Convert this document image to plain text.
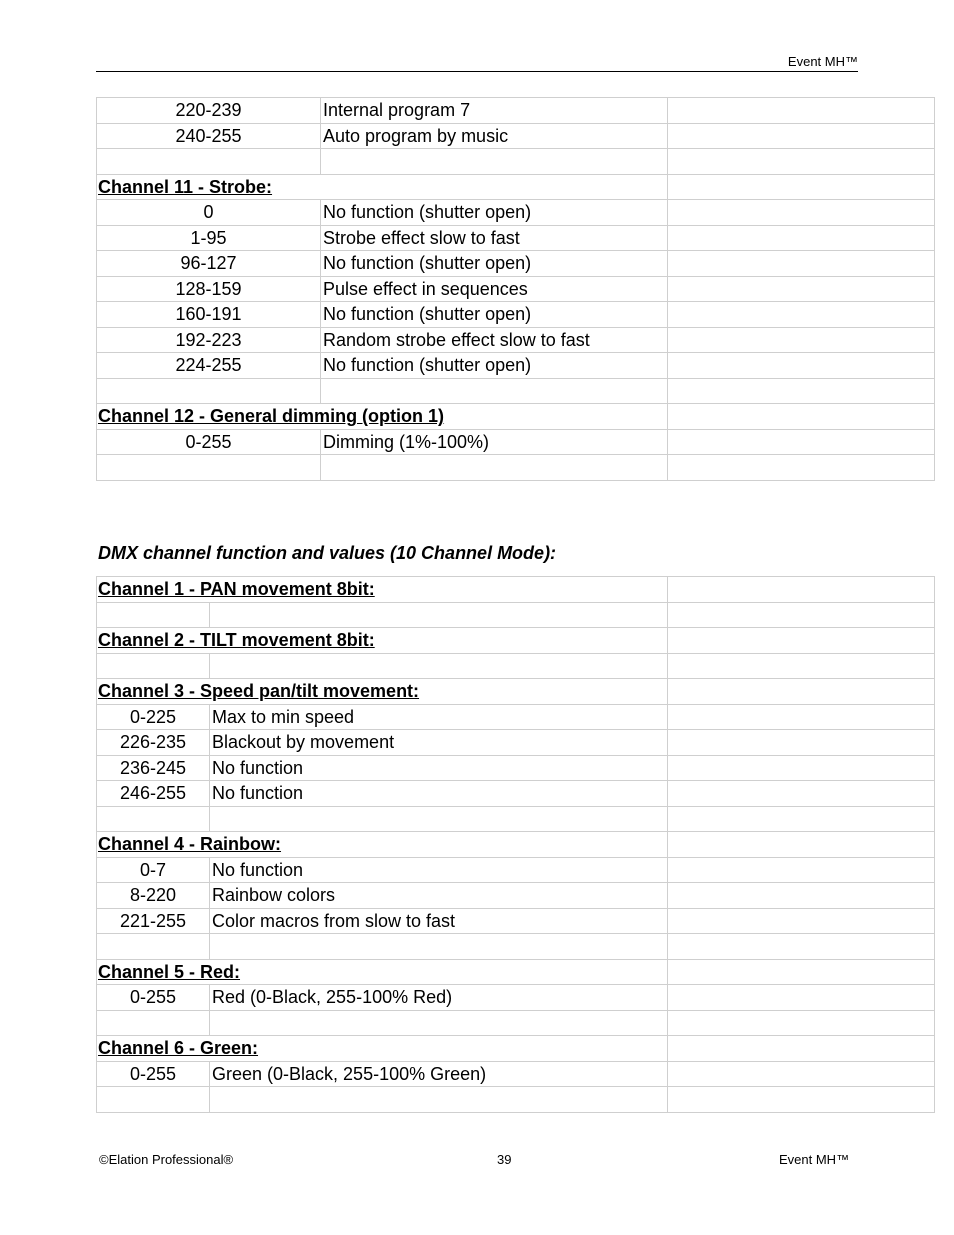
Event MH™
220-239	Internal program 7	
240-255	Auto program by music	

Channel 11 - Strobe:		
0	No function (shutter open)	
1-95	Strobe effect slow to fast	
96-127	No function (shutter open)	
128-159	Pulse effect in sequences	
160-191	No function (shutter open)	
192-223	Random strobe effect slow to fast	
224-255	No function (shutter open)	

Channel 12 - General dimming (option 1)		
0-255	Dimming (1%-100%)	

DMX channel function and values (10 Channel Mode):
Channel 1 - PAN movement 8bit:		

Channel 2 - TILT movement 8bit:		

Channel 3 - Speed pan/tilt movement:		
0-225	Max to min speed	
226-235	Blackout by movement	
236-245	No function	
246-255	No function	

Channel 4 - Rainbow:		
0-7	No function	
8-220	Rainbow colors	
221-255	Color macros from slow to fast	

Channel 5 - Red:		
0-255	Red (0-Black, 255-100% Red)	

Channel 6 - Green:		
0-255	Green (0-Black, 255-100% Green)	

©Elation Professional®	39	Event MH™
